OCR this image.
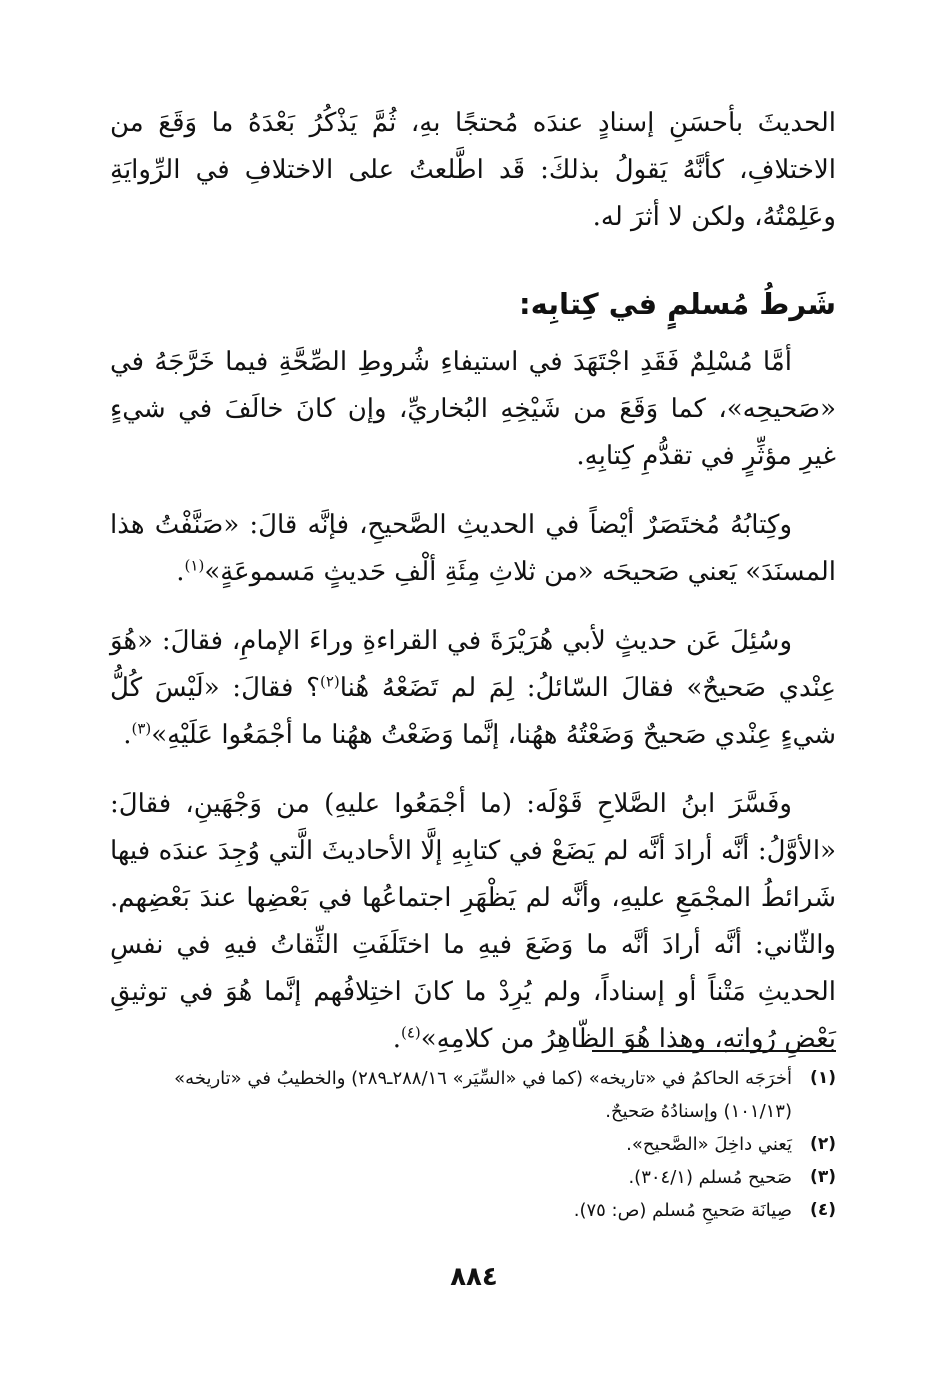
الحديثَ بأحسَنِ إسنادٍ عندَه مُحتجًا بهِ، ثُمَّ يَذْكُرُ بَعْدَهُ ما وَقَعَ من الاختلافِ، كأنَّهُ يَقولُ بذلكَ: قَد اطَّلعتُ على الاختلافِ في الرِّوايَةِ وعَلِمْتُهُ، ولكن لا أثرَ له.

شَرطُ مُسلمٍ في كِتابِه:

أمَّا مُسْلِمٌ فَقَدِ اجْتَهَدَ في استيفاءِ شُروطِ الصِّحَّةِ فيما خَرَّجَهُ في «صَحيحِه»، كما وَقَعَ من شَيْخِهِ البُخاريِّ، وإن كانَ خالَفَ في شيءٍ غيرِ مؤثِّرٍ في تقدُّمِ كِتابِهِ.

وكِتابُهُ مُختَصَرٌ أيْضاً في الحديثِ الصَّحيحِ، فإنَّه قالَ: «صَنَّفْتُ هذا المسنَدَ» يَعني صَحيحَه «من ثلاثِ مِئَةِ ألْفِ حَديثٍ مَسموعَةٍ»$^{(١)}$.

وسُئِلَ عَن حديثٍ لأبي هُرَيْرَةَ في القراءةِ وراءَ الإمامِ، فقالَ: «هُوَ عِنْدي صَحيحٌ» فقالَ السّائلُ: لِمَ لم تَضَعْهُ هُنا$^{(٢)}$؟ فقالَ: «لَيْسَ كُلُّ شيءٍ عِنْدي صَحيحٌ وَضَعْتُهُ ههُنا، إنَّما وَضَعْتُ ههُنا ما أجْمَعُوا عَلَيْهِ»$^{(٣)}$.

وفَسَّرَ ابنُ الصَّلاحِ قَوْلَه: (ما أجْمَعُوا عليهِ) من وَجْهَينِ، فقالَ: «الأوَّلُ: أنَّه أرادَ أنَّه لم يَضَعْ في كتابِهِ إلَّا الأحاديثَ الَّتي وُجِدَ عندَه فيها شَرائطُ المجْمَعِ عليهِ، وأنَّه لم يَظْهَرِ اجتماعُها في بَعْضِها عندَ بَعْضِهم. والثّاني: أنَّه أرادَ أنَّه ما وَضَعَ فيهِ ما اختَلَفَتِ الثِّقاتُ فيهِ في نفسِ الحديثِ مَتْناً أو إسناداً، ولم يُرِدْ ما كانَ اختِلافُهم إنَّما هُوَ في توثيقِ بَعْضِ رُواتِهِ، وهذا هُوَ الظّاهِرُ من كلامِهِ»$^{(٤)}$.

(١)
أخرَجَه الحاكمُ في «تاريخه» (كما في «السِّيَر» ٢٨٨/١٦ـ٢٨٩) والخطيبُ في «تاريخه» (١٠١/١٣) وإسنادُهُ صَحيحٌ.
(٢)
يَعني داخِلَ «الصَّحيح».
(٣)
صَحيح مُسلم (٣٠٤/١).
(٤)
صِيانَة صَحيحِ مُسلم (ص: ٧٥).
٨٨٤
